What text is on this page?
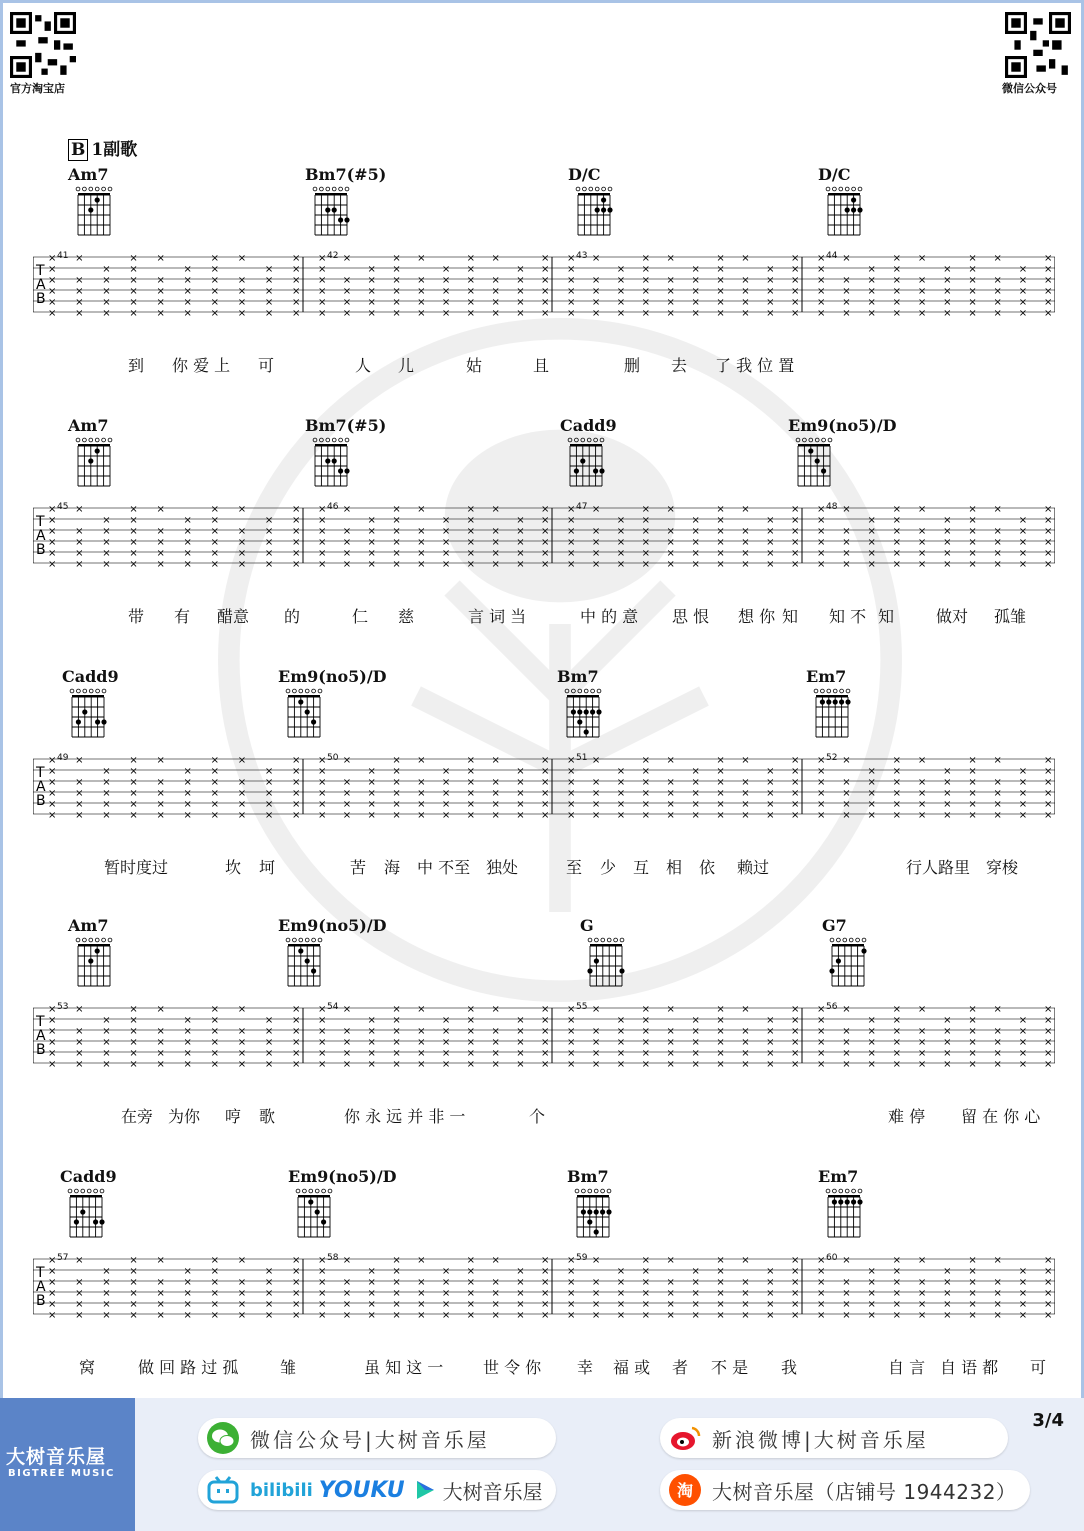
官方淘宝店	微信公众号
B 1副歌
Am7	Bm7(#5)	D/C	D/C
T
A
B
×
×
×
×
×
×
×
×
×
×
×
×
×
×
×
×
×
×
×
×
×
×
×
×
×
×
×
×
×
×
×
×
×
×
×
×
×
×
×
×
×
×
×
×
×
×
×
×
×
×
×
×
×
×
×
×
×
×
×
×
×
×
×
×
×
×
×
×
×
×
×
×
×
×
×
×
×
×
×
×
×
×
×
×
×
×
×
×
×
×
×
×
×
×
×
×
×
×
×
×
×
×
×
×
×
×
×
×
×
×
×
×
×
×
×
×
×
×
×
×
×
×
×
×
×
×
×
×
×
×
×
×
×
×
×
×
×
×
×
×
×
×
×
×
×
×
×
×
×
×
×
×
×
×
×
×
×
×
×
×
×
×
×
×
×
×
×
×
×
×
×
×
×
×
×
×
×
×
×
×
×
×
×
×
×
×
×
×
×
×
×
×
×
×
×
×
×
×
×
×
×
×
×
×
×
×
×
×
×
×
×
×
×
×
×
×
41	42	43	44
到 你 爱 上 可	人 儿	姑	且	删 去 了 我 位 置
Am7	Bm7(#5)	Cadd9	Em9(no5)/D
T
A
B
×
×
×
×
×
×
×
×
×
×
×
×
×
×
×
×
×
×
×
×
×
×
×
×
×
×
×
×
×
×
×
×
×
×
×
×
×
×
×
×
×
×
×
×
×
×
×
×
×
×
×
×
×
×
×
×
×
×
×
×
×
×
×
×
×
×
×
×
×
×
×
×
×
×
×
×
×
×
×
×
×
×
×
×
×
×
×
×
×
×
×
×
×
×
×
×
×
×
×
×
×
×
×
×
×
×
×
×
×
×
×
×
×
×
×
×
×
×
×
×
×
×
×
×
×
×
×
×
×
×
×
×
×
×
×
×
×
×
×
×
×
×
×
×
×
×
×
×
×
×
×
×
×
×
×
×
×
×
×
×
×
×
×
×
×
×
×
×
×
×
×
×
×
×
×
×
×
×
×
×
×
×
×
×
×
×
×
×
×
×
×
×
×
×
×
×
×
×
×
×
×
×
×
×
×
×
×
×
×
×
×
×
×
×
×
×
45	46	47	48
带 有 醋意 的	仁 慈	言 词 当	中 的 意 思 恨 想 你 知 知 不 知	做对 孤雏
Cadd9	Em9(no5)/D	Bm7	Em7
T
A
B
×
×
×
×
×
×
×
×
×
×
×
×
×
×
×
×
×
×
×
×
×
×
×
×
×
×
×
×
×
×
×
×
×
×
×
×
×
×
×
×
×
×
×
×
×
×
×
×
×
×
×
×
×
×
×
×
×
×
×
×
×
×
×
×
×
×
×
×
×
×
×
×
×
×
×
×
×
×
×
×
×
×
×
×
×
×
×
×
×
×
×
×
×
×
×
×
×
×
×
×
×
×
×
×
×
×
×
×
×
×
×
×
×
×
×
×
×
×
×
×
×
×
×
×
×
×
×
×
×
×
×
×
×
×
×
×
×
×
×
×
×
×
×
×
×
×
×
×
×
×
×
×
×
×
×
×
×
×
×
×
×
×
×
×
×
×
×
×
×
×
×
×
×
×
×
×
×
×
×
×
×
×
×
×
×
×
×
×
×
×
×
×
×
×
×
×
×
×
×
×
×
×
×
×
×
×
×
×
×
×
×
×
×
×
×
×
49	50	51	52
暂时度过	坎 坷	苦 海 中 不至 独处	至 少 互 相 依 赖过	行人路里 穿梭
Am7	Em9(no5)/D	G	G7
T
A
B
×
×
×
×
×
×
×
×
×
×
×
×
×
×
×
×
×
×
×
×
×
×
×
×
×
×
×
×
×
×
×
×
×
×
×
×
×
×
×
×
×
×
×
×
×
×
×
×
×
×
×
×
×
×
×
×
×
×
×
×
×
×
×
×
×
×
×
×
×
×
×
×
×
×
×
×
×
×
×
×
×
×
×
×
×
×
×
×
×
×
×
×
×
×
×
×
×
×
×
×
×
×
×
×
×
×
×
×
×
×
×
×
×
×
×
×
×
×
×
×
×
×
×
×
×
×
×
×
×
×
×
×
×
×
×
×
×
×
×
×
×
×
×
×
×
×
×
×
×
×
×
×
×
×
×
×
×
×
×
×
×
×
×
×
×
×
×
×
×
×
×
×
×
×
×
×
×
×
×
×
×
×
×
×
×
×
×
×
×
×
×
×
×
×
×
×
×
×
×
×
×
×
×
×
×
×
×
×
×
×
×
×
×
×
×
×
53	54	55	56
在旁 为你 哼 歌	你 永 远 并 非 一	个	难 停 留 在 你 心
Cadd9	Em9(no5)/D	Bm7	Em7
T
A
B
×
×
×
×
×
×
×
×
×
×
×
×
×
×
×
×
×
×
×
×
×
×
×
×
×
×
×
×
×
×
×
×
×
×
×
×
×
×
×
×
×
×
×
×
×
×
×
×
×
×
×
×
×
×
×
×
×
×
×
×
×
×
×
×
×
×
×
×
×
×
×
×
×
×
×
×
×
×
×
×
×
×
×
×
×
×
×
×
×
×
×
×
×
×
×
×
×
×
×
×
×
×
×
×
×
×
×
×
×
×
×
×
×
×
×
×
×
×
×
×
×
×
×
×
×
×
×
×
×
×
×
×
×
×
×
×
×
×
×
×
×
×
×
×
×
×
×
×
×
×
×
×
×
×
×
×
×
×
×
×
×
×
×
×
×
×
×
×
×
×
×
×
×
×
×
×
×
×
×
×
×
×
×
×
×
×
×
×
×
×
×
×
×
×
×
×
×
×
×
×
×
×
×
×
×
×
×
×
×
×
×
×
×
×
×
×
57	58	59	60
窝	做 回 路 过 孤	雏	虽 知 这 一 世 令 你 幸 福 或 者 不 是 我	自 言 自 语 都 可
大树音乐屋
BIGTREE MUSIC
微信公众号|大树音乐屋	新浪微博|大树音乐屋
bilibili YOUKU 大树音乐屋	淘 大树音乐屋（店铺号 1944232）
3/4
